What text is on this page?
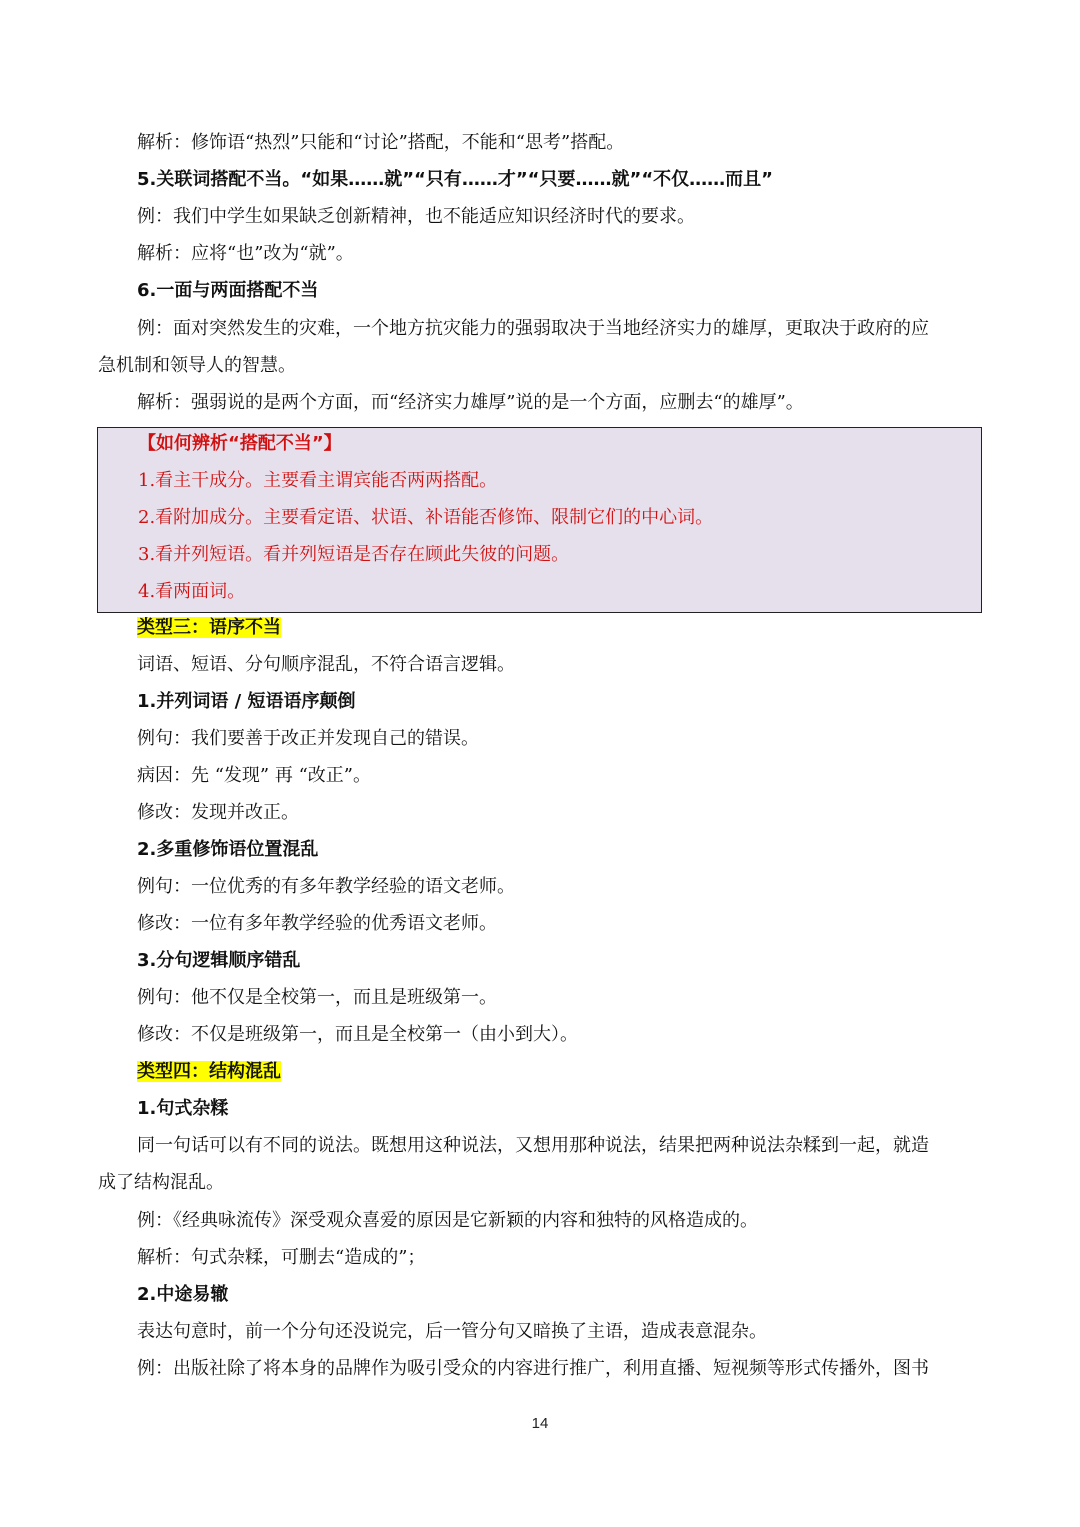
解析：修饰语“热烈”只能和“讨论”搭配，不能和“思考”搭配。
5.关联词搭配不当。“如果……就”“只有……才”“只要……就”“不仅……而且”
例：我们中学生如果缺乏创新精神，也不能适应知识经济时代的要求。
解析：应将“也”改为“就”。
6.一面与两面搭配不当
例：面对突然发生的灾难，一个地方抗灾能力的强弱取决于当地经济实力的雄厚，更取决于政府的应
急机制和领导人的智慧。
解析：强弱说的是两个方面，而“经济实力雄厚”说的是一个方面，应删去“的雄厚”。
【如何辨析“搭配不当”】
1.看主干成分。主要看主谓宾能否两两搭配。
2.看附加成分。主要看定语、状语、补语能否修饰、限制它们的中心词。
3.看并列短语。看并列短语是否存在顾此失彼的问题。
4.看两面词。
类型三：语序不当
词语、短语、分句顺序混乱，不符合语言逻辑。
1.并列词语 / 短语语序颠倒
例句：我们要善于改正并发现自己的错误。
病因：先 “发现” 再 “改正”。
修改：发现并改正。
2.多重修饰语位置混乱
例句：一位优秀的有多年教学经验的语文老师。
修改：一位有多年教学经验的优秀语文老师。
3.分句逻辑顺序错乱
例句：他不仅是全校第一，而且是班级第一。
修改：不仅是班级第一，而且是全校第一（由小到大）。
类型四：结构混乱
1.句式杂糅
同一句话可以有不同的说法。既想用这种说法，又想用那种说法，结果把两种说法杂糅到一起，就造
成了结构混乱。
例：《经典咏流传》深受观众喜爱的原因是它新颖的内容和独特的风格造成的。
解析：句式杂糅，可删去“造成的”；
2.中途易辙
表达句意时，前一个分句还没说完，后一管分句又暗换了主语，造成表意混杂。
例：出版社除了将本身的品牌作为吸引受众的内容进行推广，利用直播、短视频等形式传播外，图书
14
